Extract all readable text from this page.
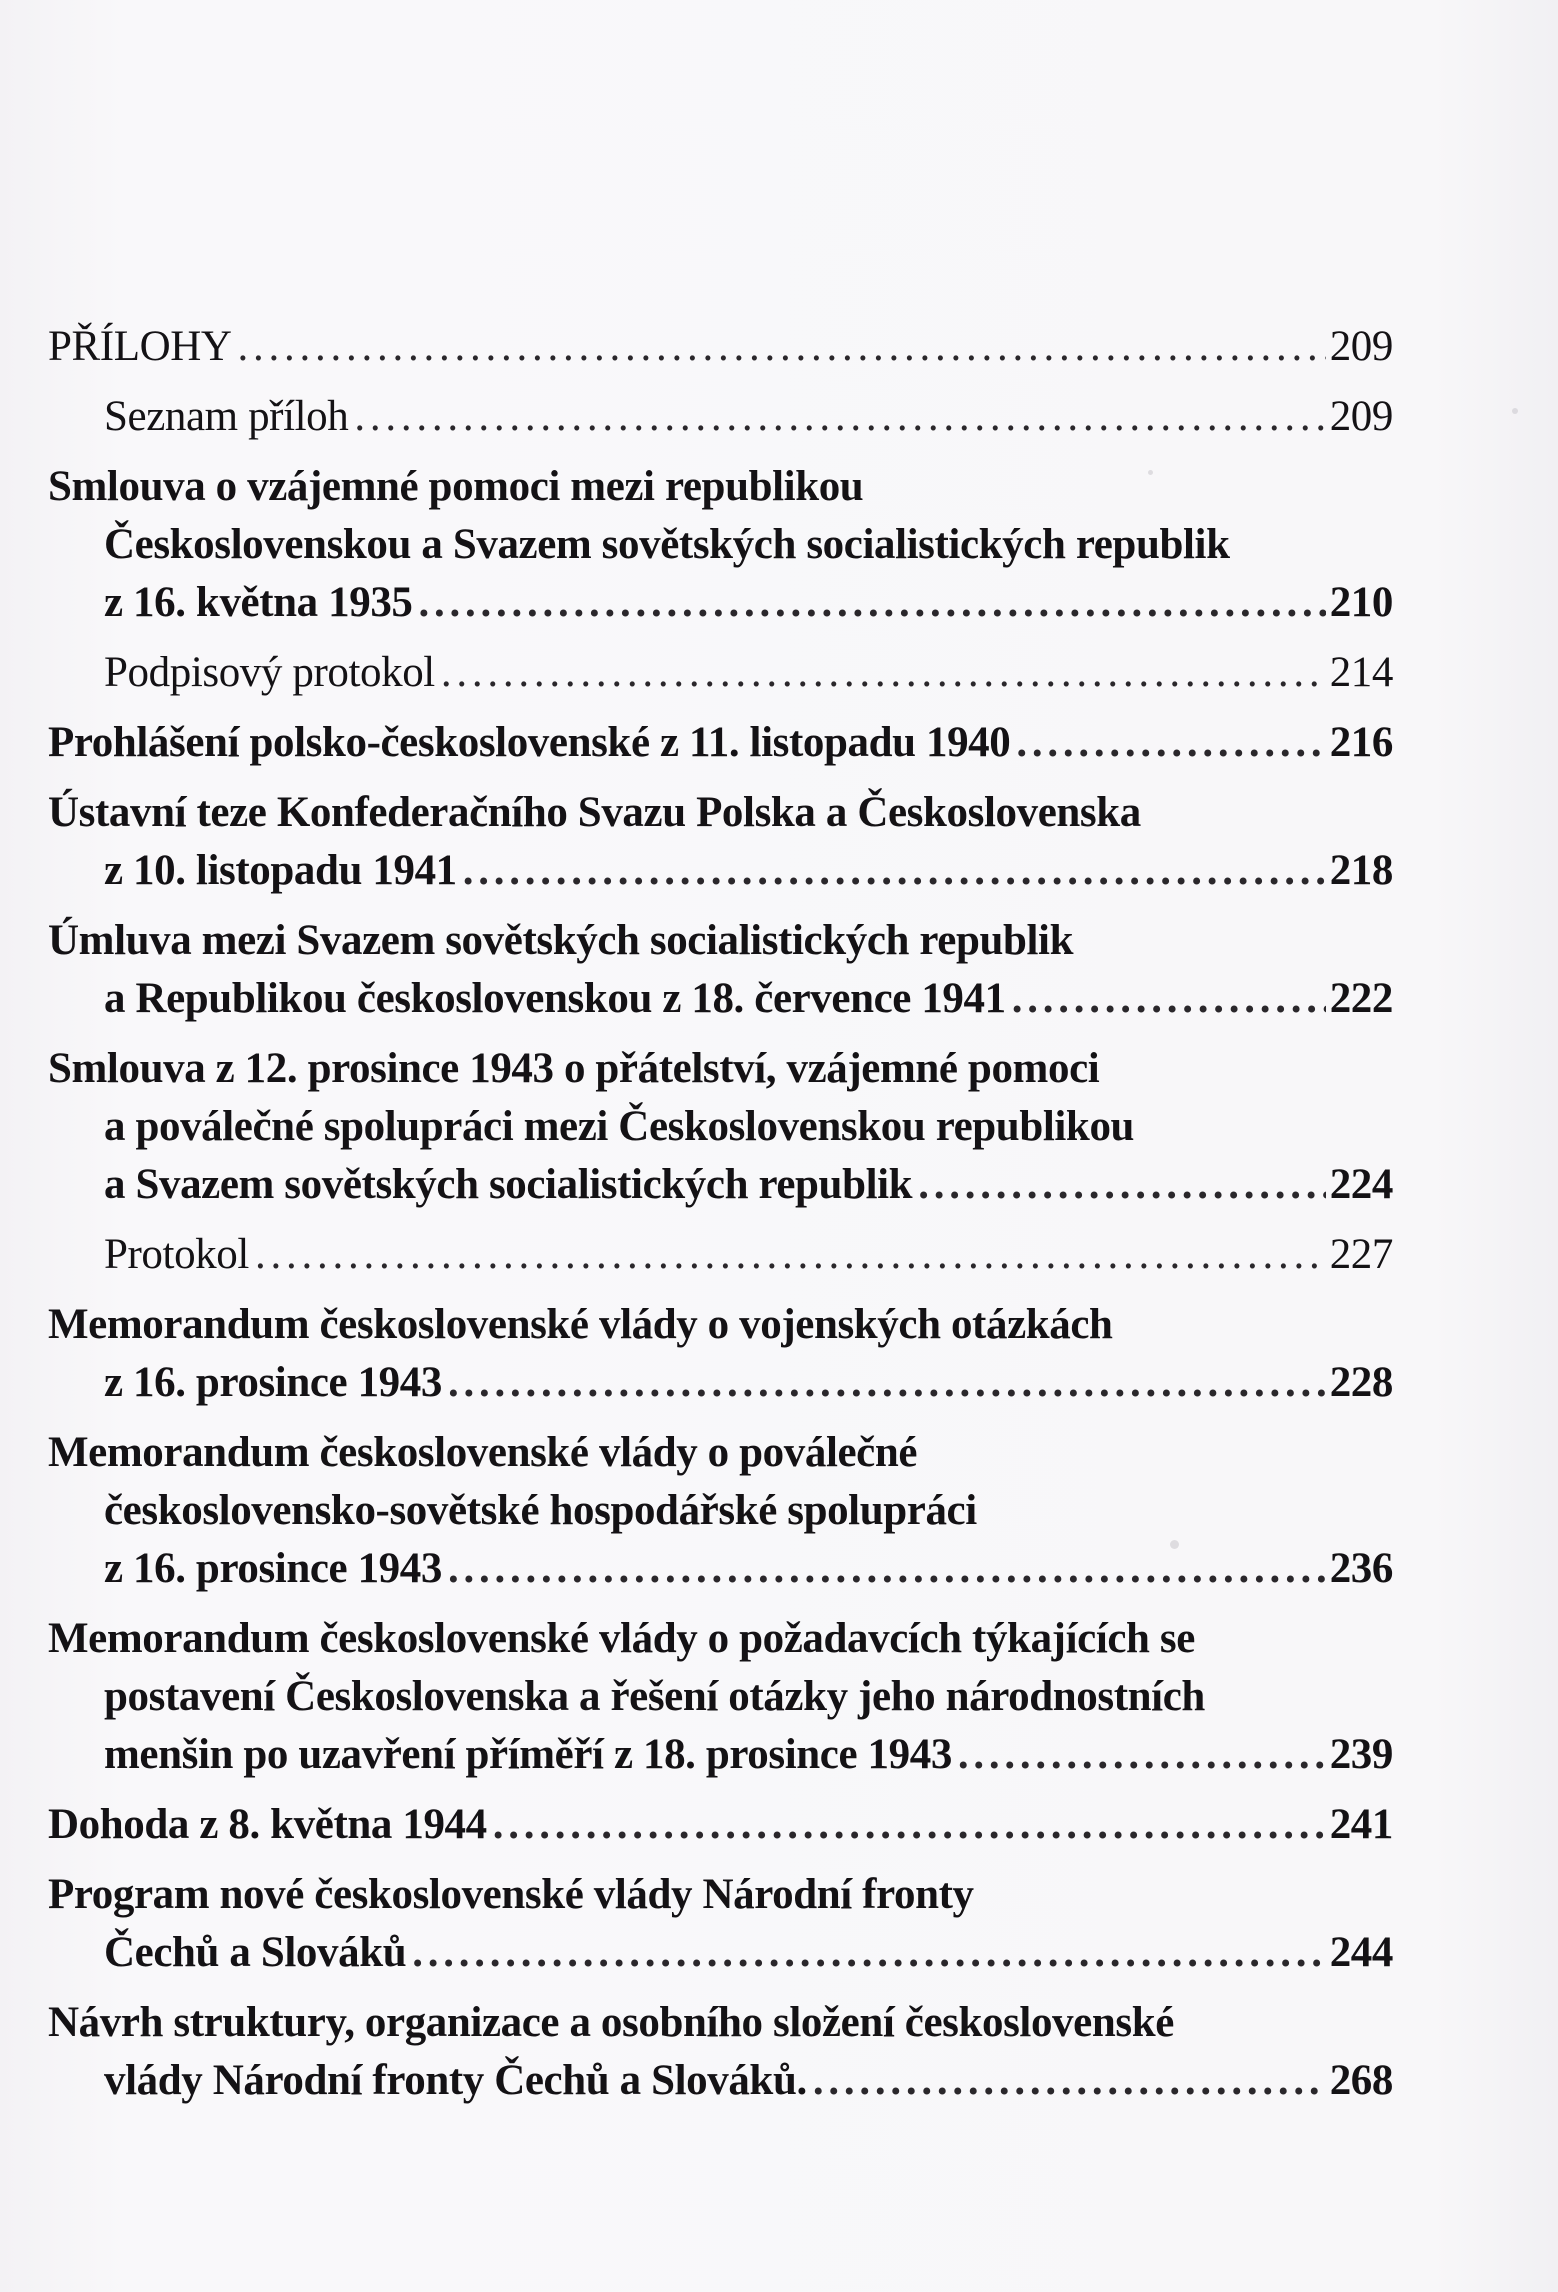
PŘÍLOHY . . .	209
Seznam příloh . . .	209
Smlouva o vzájemné pomoci mezi republikou
Československou a Svazem sovětských socialistických republik
z 16. května 1935 . . .	210
Podpisový protokol . . .	214
Prohlášení polsko-československé z 11. listopadu 1940 . . .	216
Ústavní teze Konfederačního Svazu Polska a Československa
z 10. listopadu 1941 . . .	218
Úmluva mezi Svazem sovětských socialistických republik
a Republikou československou z 18. července 1941 . . .	222
Smlouva z 12. prosince 1943 o přátelství, vzájemné pomoci
a poválečné spolupráci mezi Československou republikou
a Svazem sovětských socialistických republik . . .	224
Protokol . . .	227
Memorandum československé vlády o vojenských otázkách
z 16. prosince 1943 . . .	228
Memorandum československé vlády o poválečné
československo-sovětské hospodářské spolupráci
z 16. prosince 1943 . . .	236
Memorandum československé vlády o požadavcích týkajících se
postavení Československa a řešení otázky jeho národnostních
menšin po uzavření příměří z 18. prosince 1943 . . .	239
Dohoda z 8. května 1944 . . .	241
Program nové československé vlády Národní fronty
Čechů a Slováků . . .	244
Návrh struktury, organizace a osobního složení československé
vlády Národní fronty Čechů a Slováků. . . .	268
